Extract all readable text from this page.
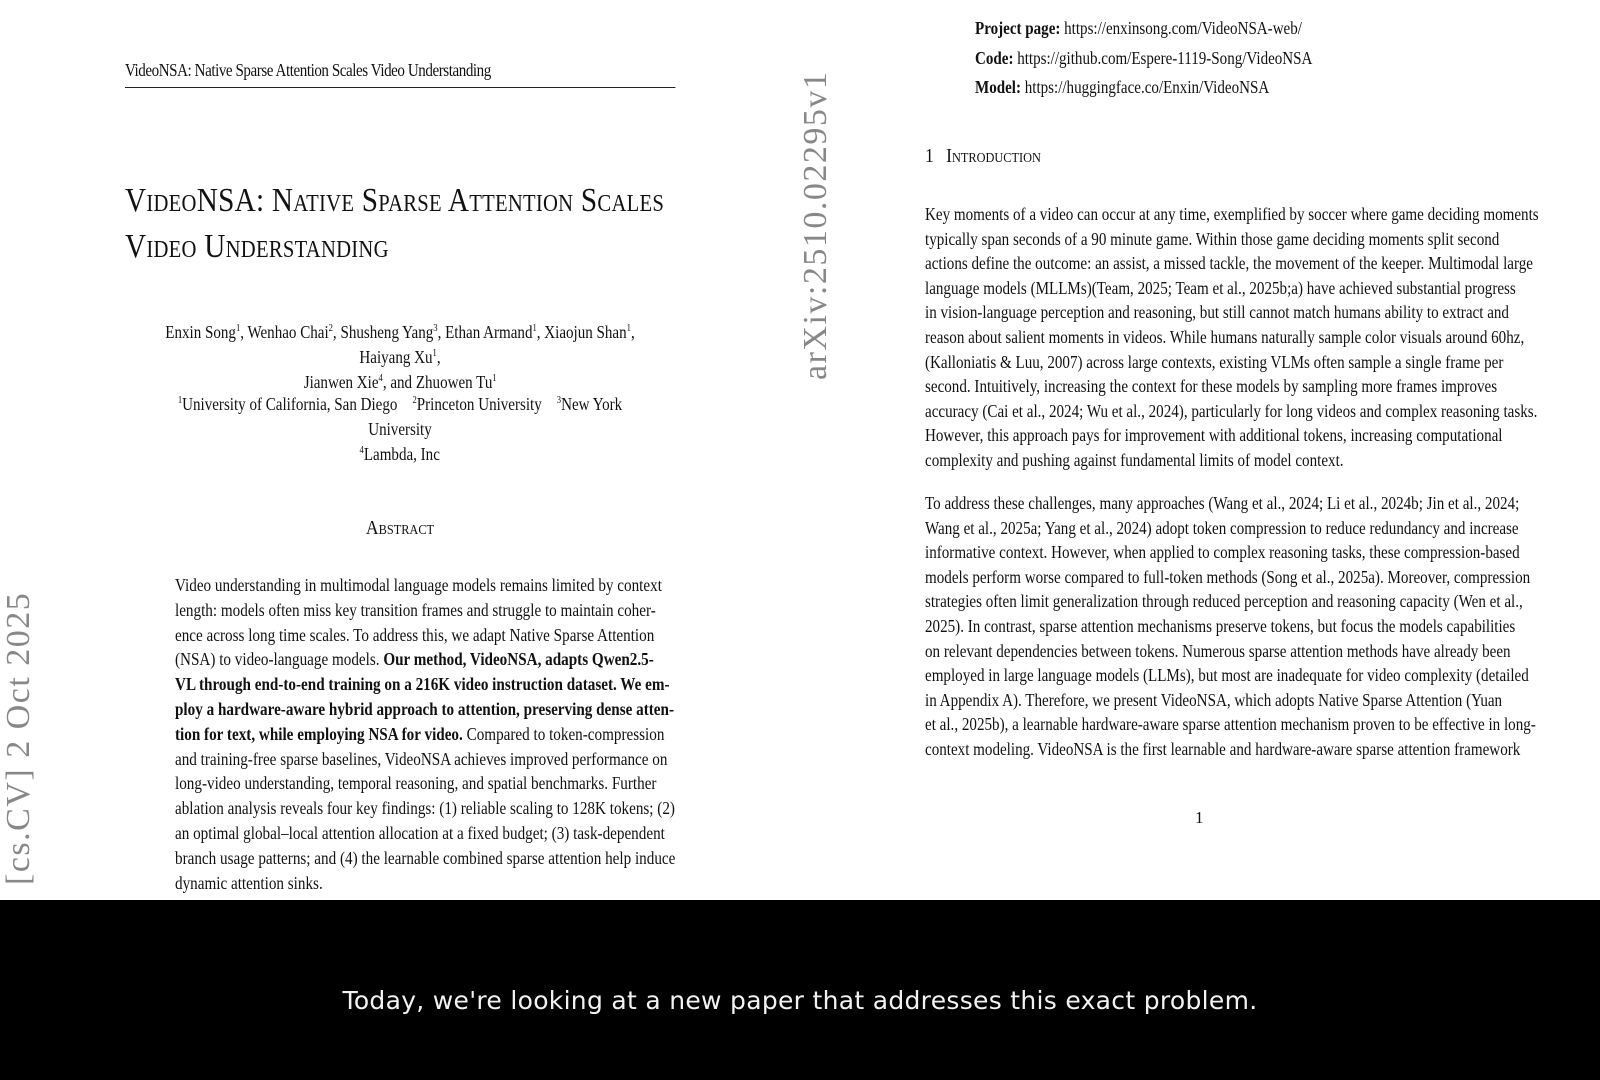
VideoNSA: Native Sparse Attention Scales Video Understanding
VideoNSA: Native Sparse Attention Scales

Video Understanding
Enxin Song$^1$, Wenhao Chai$^2$, Shusheng Yang$^3$, Ethan Armand$^1$, Xiaojun Shan$^1$, Haiyang Xu$^1$,
Jianwen Xie$^4$, and Zhuowen Tu$^1$
$^1$University of California, San Diego $^2$Princeton University $^3$New York University
$^4$Lambda, Inc
Abstract
Video understanding in multimodal language models remains limited by context
length: models often miss key transition frames and struggle to maintain coher-
ence across long time scales. To address this, we adapt Native Sparse Attention
(NSA) to video-language models. Our method, VideoNSA, adapts Qwen2.5-
VL through end-to-end training on a 216K video instruction dataset. We em-
ploy a hardware-aware hybrid approach to attention, preserving dense atten-
tion for text, while employing NSA for video. Compared to token-compression
and training-free sparse baselines, VideoNSA achieves improved performance on
long-video understanding, temporal reasoning, and spatial benchmarks. Further
ablation analysis reveals four key findings: (1) reliable scaling to 128K tokens; (2)
an optimal global–local attention allocation at a fixed budget; (3) task-dependent
branch usage patterns; and (4) the learnable combined sparse attention help induce
dynamic attention sinks.
arXiv:2510.02295v1
[cs.CV] 2 Oct 2025
Project page: https://enxinsong.com/VideoNSA-web/
Code: https://github.com/Espere-1119-Song/VideoNSA
Model: https://huggingface.co/Enxin/VideoNSA
1 Introduction
Key moments of a video can occur at any time, exemplified by soccer where game deciding moments
typically span seconds of a 90 minute game. Within those game deciding moments split second
actions define the outcome: an assist, a missed tackle, the movement of the keeper. Multimodal large
language models (MLLMs)(Team, 2025; Team et al., 2025b;a) have achieved substantial progress
in vision-language perception and reasoning, but still cannot match humans ability to extract and
reason about salient moments in videos. While humans naturally sample color visuals around 60hz,
(Kalloniatis & Luu, 2007) across large contexts, existing VLMs often sample a single frame per
second. Intuitively, increasing the context for these models by sampling more frames improves
accuracy (Cai et al., 2024; Wu et al., 2024), particularly for long videos and complex reasoning tasks.
However, this approach pays for improvement with additional tokens, increasing computational
complexity and pushing against fundamental limits of model context.
To address these challenges, many approaches (Wang et al., 2024; Li et al., 2024b; Jin et al., 2024;
Wang et al., 2025a; Yang et al., 2024) adopt token compression to reduce redundancy and increase
informative context. However, when applied to complex reasoning tasks, these compression-based
models perform worse compared to full-token methods (Song et al., 2025a). Moreover, compression
strategies often limit generalization through reduced perception and reasoning capacity (Wen et al.,
2025). In contrast, sparse attention mechanisms preserve tokens, but focus the models capabilities
on relevant dependencies between tokens. Numerous sparse attention methods have already been
employed in large language models (LLMs), but most are inadequate for video complexity (detailed
in Appendix A). Therefore, we present VideoNSA, which adopts Native Sparse Attention (Yuan
et al., 2025b), a learnable hardware-aware sparse attention mechanism proven to be effective in long-
context modeling. VideoNSA is the first learnable and hardware-aware sparse attention framework
1
Today, we're looking at a new paper that addresses this exact problem.
